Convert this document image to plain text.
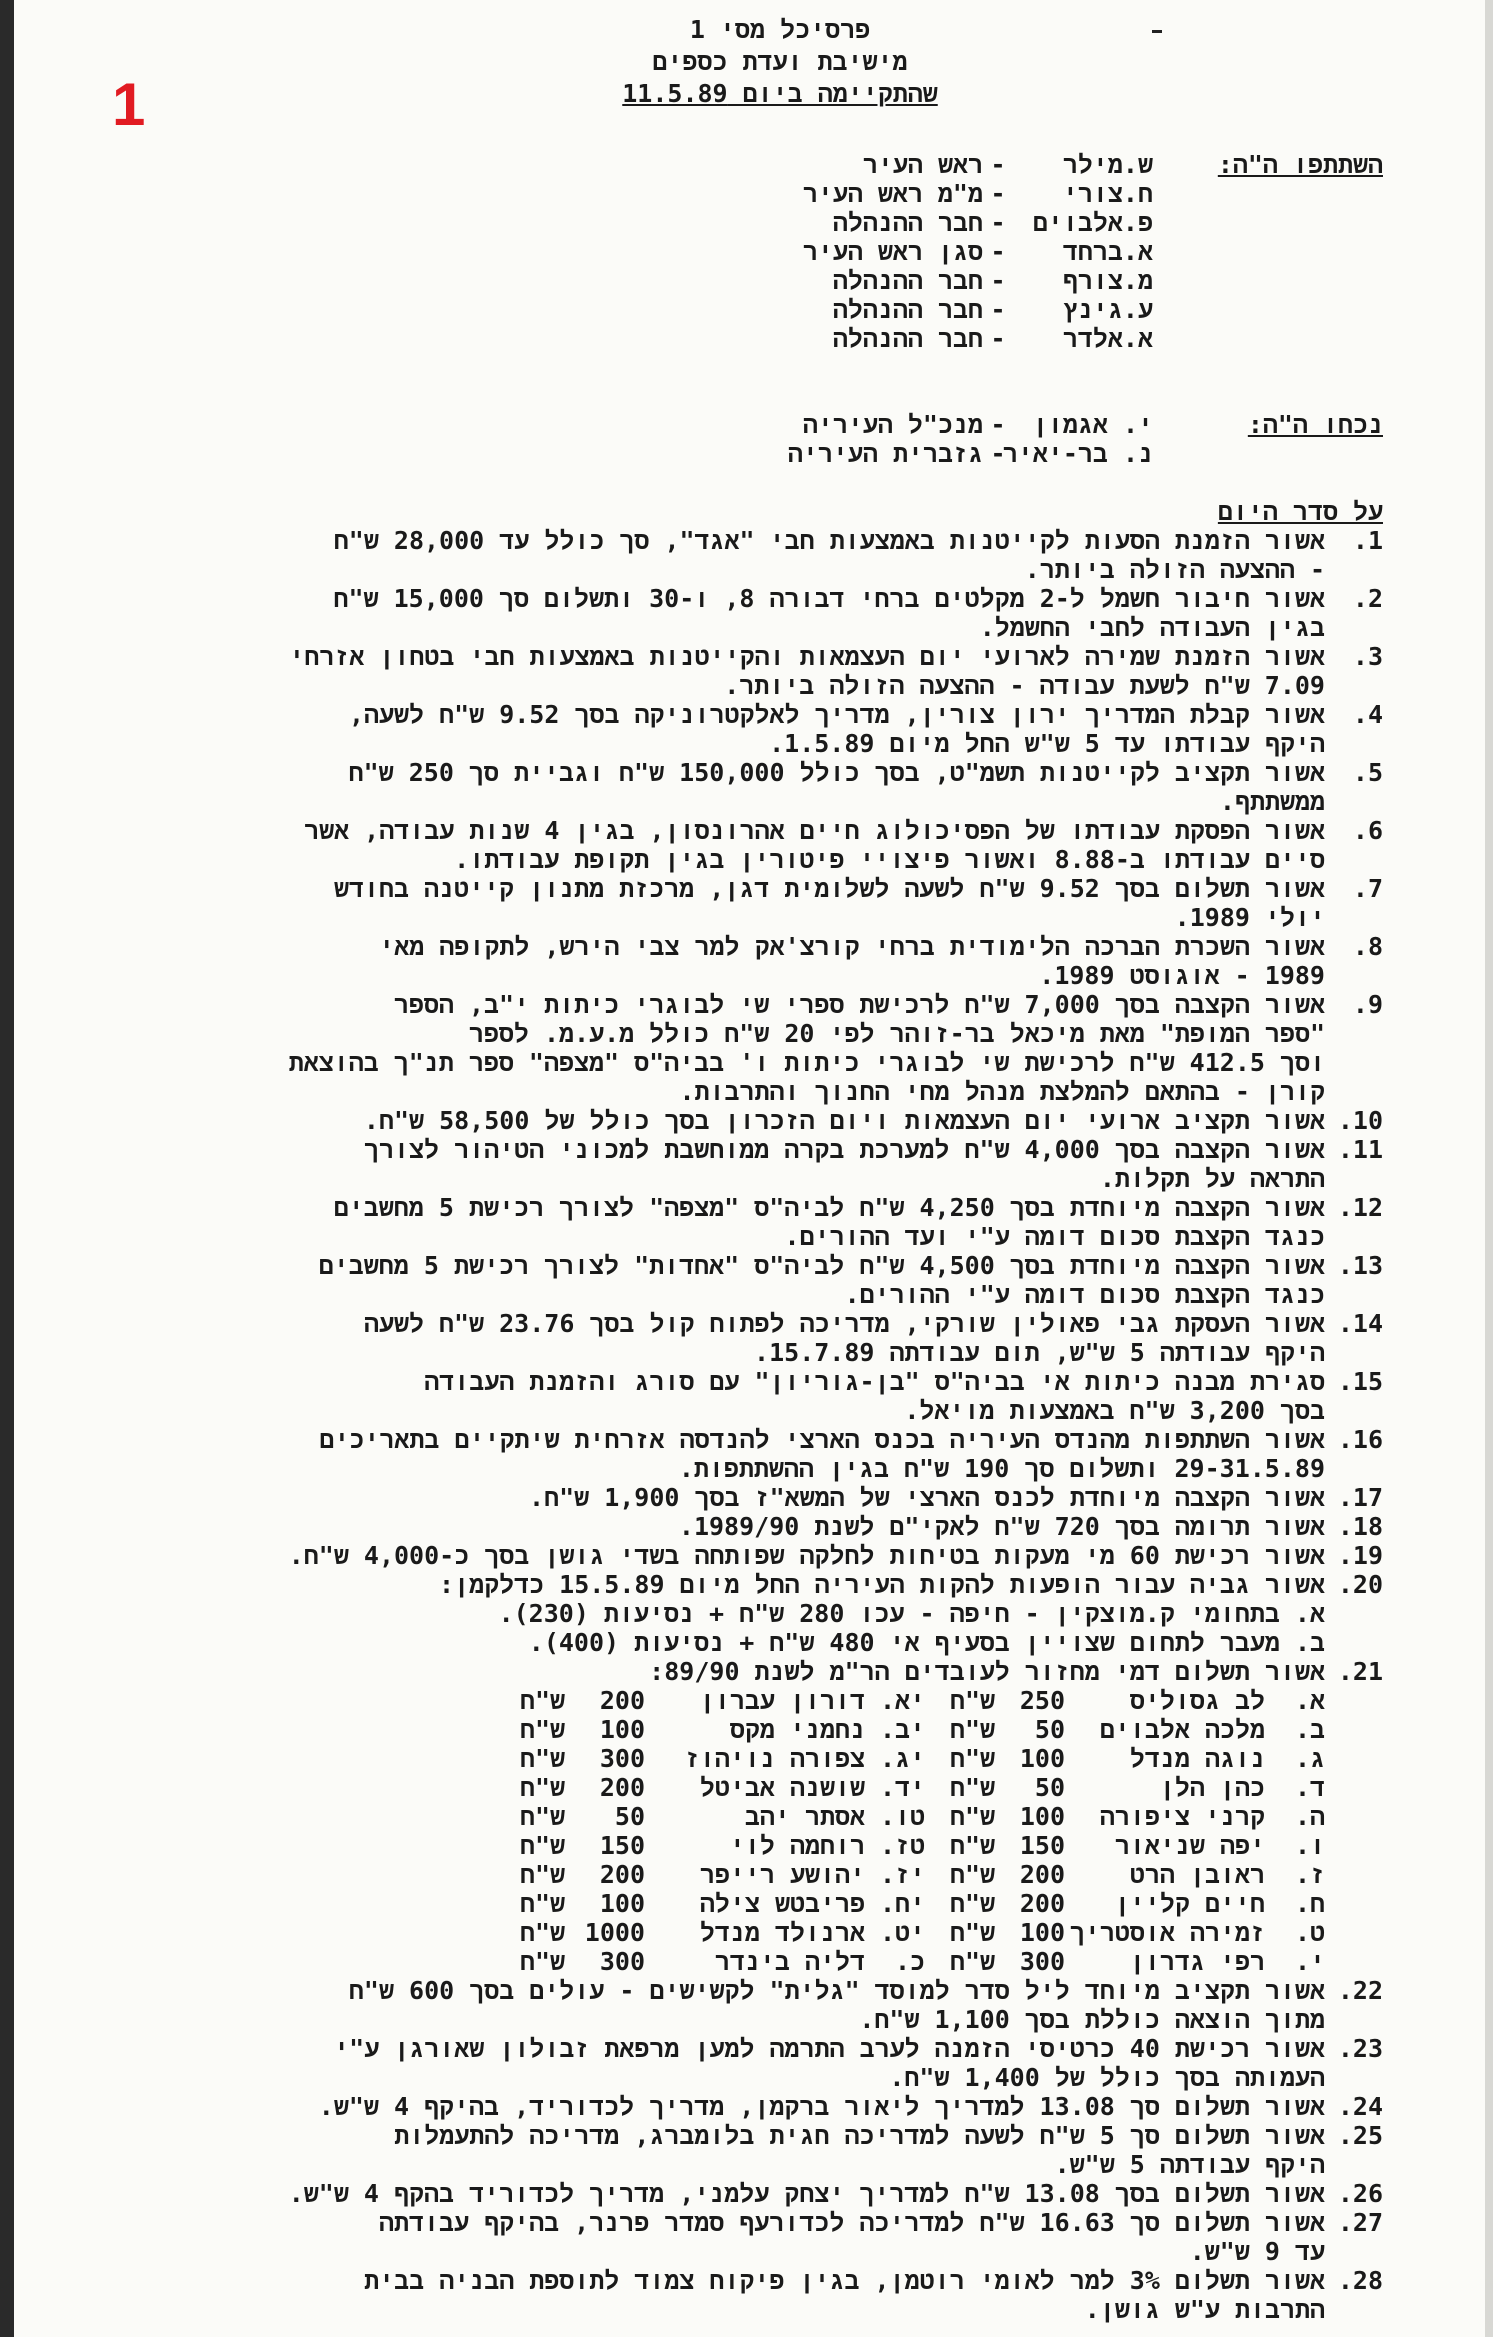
1
פרסיכל מסי 1
מישיבת ועדת כספים
שהתקיימה ביום 11.5.89
השתתפו ה"ה:
ש.מילר
-
ראש העיר
ח.צורי
-
מ"מ ראש העיר
פ.אלבוים
-
חבר ההנהלה
א.ברחד
-
סגן ראש העיר
מ.צורף
-
חבר ההנהלה
ע.גינץ
-
חבר ההנהלה
א.אלדר
-
חבר ההנהלה
נכחו ה"ה:
י. אגמון
-
מנכ"ל העיריה
נ. בר-יאיר
-
גזברית העיריה
על סדר היום
1.
אשור הזמנת הסעות לקייטנות באמצעות חבי "אגד", סך כולל עד 28,000 ש"ח
- ההצעה הזולה ביותר.
2.
אשור חיבור חשמל ל-2 מקלטים ברחי דבורה 8, ו-30 ותשלום סך 15,000 ש"ח
בגין העבודה לחבי החשמל.
3.
אשור הזמנת שמירה לארועי יום העצמאות והקייטנות באמצעות חבי בטחון אזרחי
7.09 ש"ח לשעת עבודה - ההצעה הזולה ביותר.
4.
אשור קבלת המדריך ירון צורין, מדריך לאלקטרוניקה בסך 9.52 ש"ח לשעה,
היקף עבודתו עד 5 ש"ש החל מיום 1.5.89.
5.
אשור תקציב לקייטנות תשמ"ט, בסך כולל 150,000 ש"ח וגביית סך 250 ש"ח
ממשתתף.
6.
אשור הפסקת עבודתו של הפסיכולוג חיים אהרונסון, בגין 4 שנות עבודה, אשר
סיים עבודתו ב-8.88 ואשור פיצויי פיטורין בגין תקופת עבודתו.
7.
אשור תשלום בסך 9.52 ש"ח לשעה לשלומית דגן, מרכזת מתנון קייטנה בחודש
יולי 1989.
8.
אשור השכרת הברכה הלימודית ברחי קורצ'אק למר צבי הירש, לתקופה מאי
1989 - אוגוסט 1989.
9.
אשור הקצבה בסך 7,000 ש"ח לרכישת ספרי שי לבוגרי כיתות י"ב, הספר
"ספר המופת" מאת מיכאל בר-זוהר לפי 20 ש"ח כולל מ.ע.מ. לספר
וסך 412.5 ש"ח לרכישת שי לבוגרי כיתות ו' בביה"ס "מצפה" ספר תנ"ך בהוצאת
קורן - בהתאם להמלצת מנהל מחי החנוך והתרבות.
10.
אשור תקציב ארועי יום העצמאות ויום הזכרון בסך כולל של 58,500 ש"ח.
11.
אשור הקצבה בסך 4,000 ש"ח למערכת בקרה ממוחשבת למכוני הטיהור לצורך
התראה על תקלות.
12.
אשור הקצבה מיוחדת בסך 4,250 ש"ח לביה"ס "מצפה" לצורך רכישת 5 מחשבים
כנגד הקצבת סכום דומה ע"י ועד ההורים.
13.
אשור הקצבה מיוחדת בסך 4,500 ש"ח לביה"ס "אחדות" לצורך רכישת 5 מחשבים
כנגד הקצבת סכום דומה ע"י ההורים.
14.
אשור העסקת גבי פאולין שורקי, מדריכה לפתוח קול בסך 23.76 ש"ח לשעה
היקף עבודתה 5 ש"ש, תום עבודתה 15.7.89.
15.
סגירת מבנה כיתות אי בביה"ס "בן-גוריון" עם סורג והזמנת העבודה
בסך 3,200 ש"ח באמצעות מויאל.
16.
אשור השתתפות מהנדס העיריה בכנס הארצי להנדסה אזרחית שיתקיים בתאריכים
29-31.5.89 ותשלום סך 190 ש"ח בגין ההשתתפות.
17.
אשור הקצבה מיוחדת לכנס הארצי של המשא"ז בסך 1,900 ש"ח.
18.
אשור תרומה בסך 720 ש"ח לאקי"ם לשנת 1989/90.
19.
אשור רכישת 60 מי מעקות בטיחות לחלקה שפותחה בשדי גושן בסך כ-4,000 ש"ח.
20.
אשור גביה עבור הופעות להקות העיריה החל מיום 15.5.89 כדלקמן:
א. בתחומי ק.מוצקין - חיפה - עכו 280 ש"ח + נסיעות (230).
ב. מעבר לתחום שצויין בסעיף אי 480 ש"ח + נסיעות (400).
21.
אשור תשלום דמי מחזור לעובדים הר"מ לשנת 89/90:
א.
לב גסוליס
250
ש"ח
יא.
דורון עברון
200
ש"ח
ב.
מלכה אלבוים
50
ש"ח
יב.
נחמני מקס
100
ש"ח
ג.
נוגה מנדל
100
ש"ח
יג.
צפורה נויהוז
300
ש"ח
ד.
כהן הלן
50
ש"ח
יד.
שושנה אביטל
200
ש"ח
ה.
קרני ציפורה
100
ש"ח
טו.
אסתר יהב
50
ש"ח
ו.
יפה שניאור
150
ש"ח
טז.
רוחמה לוי
150
ש"ח
ז.
ראובן הרט
200
ש"ח
יז.
יהושע רייפר
200
ש"ח
ח.
חיים קליין
200
ש"ח
יח.
פריבטש צילה
100
ש"ח
ט.
זמירה אוסטריך
100
ש"ח
יט.
ארנולד מנדל
1000
ש"ח
י.
רפי גדרון
300
ש"ח
כ.
דליה בינדר
300
ש"ח
22.
אשור תקציב מיוחד ליל סדר למוסד "גלית" לקשישים - עולים בסך 600 ש"ח
מתוך הוצאה כוללת בסך 1,100 ש"ח.
23.
אשור רכישת 40 כרטיסי הזמנה לערב התרמה למען מרפאת זבולון שאורגן ע"י
העמותה בסך כולל של 1,400 ש"ח.
24.
אשור תשלום סך 13.08 למדריך ליאור ברקמן, מדריך לכדוריד, בהיקף 4 ש"ש.
25.
אשור תשלום סך 5 ש"ח לשעה למדריכה חגית בלומברג, מדריכה להתעמלות
היקף עבודתה 5 ש"ש.
26.
אשור תשלום בסך 13.08 ש"ח למדריך יצחק עלמני, מדריך לכדוריד בהקף 4 ש"ש.
27.
אשור תשלום סך 16.63 ש"ח למדריכה לכדורעף סמדר פרנר, בהיקף עבודתה
עד 9 ש"ש.
28.
אשור תשלום 3% למר לאומי רוטמן, בגין פיקוח צמוד לתוספת הבניה בבית
התרבות ע"ש גושן.
